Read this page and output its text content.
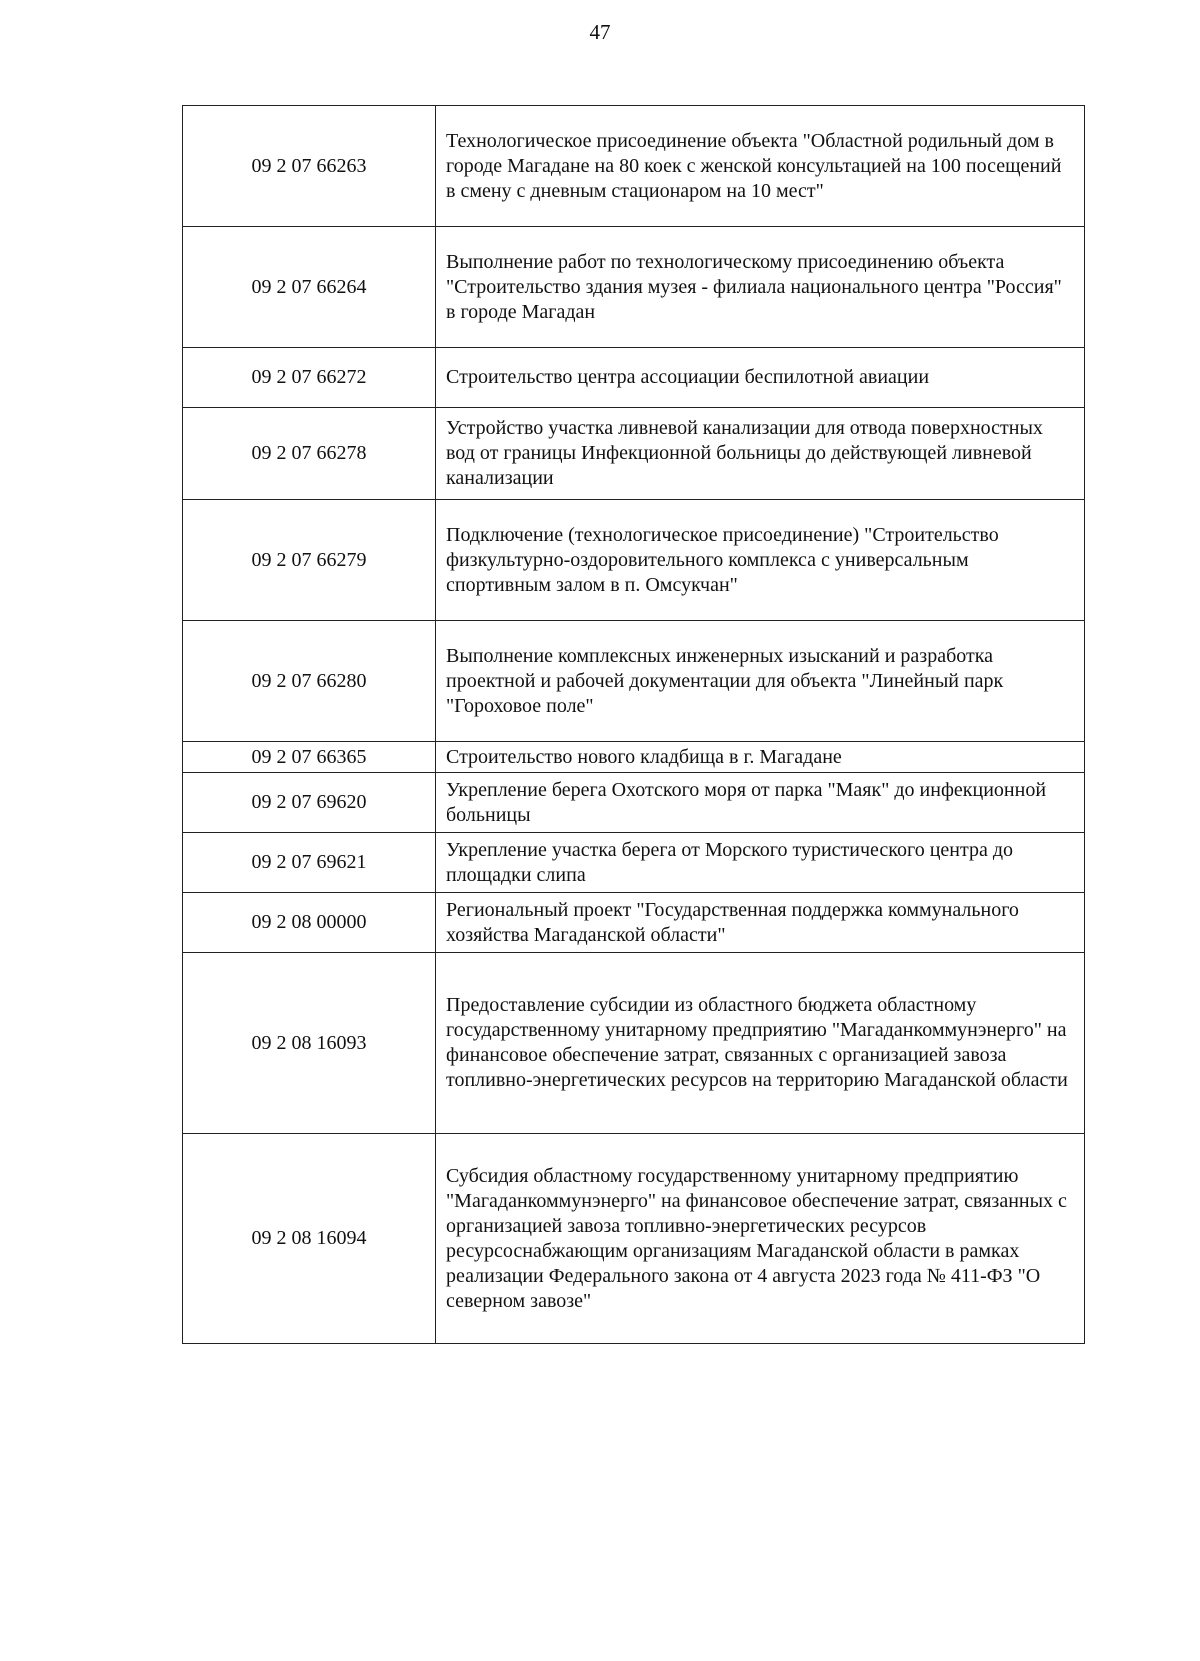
47
09 2 07 66263	Технологическое присоединение объекта "Областной родильный дом в городе Магадане на 80 коек с женской консультацией на 100 посещений в смену с дневным стационаром на 10 мест"
09 2 07 66264	Выполнение работ по технологическому присоединению объекта "Строительство здания музея - филиала национального центра "Россия" в городе Магадан
09 2 07 66272	Строительство центра ассоциации беспилотной авиации
09 2 07 66278	Устройство участка ливневой канализации для отвода поверхностных вод от границы Инфекционной больницы до действующей ливневой канализации
09 2 07 66279	Подключение (технологическое присоединение) "Строительство физкультурно-оздоровительного комплекса с универсальным спортивным залом в п. Омсукчан"
09 2 07 66280	Выполнение комплексных инженерных изысканий и разработка проектной и рабочей документации для объекта "Линейный парк "Гороховое поле"
09 2 07 66365	Строительство нового кладбища в г. Магадане
09 2 07 69620	Укрепление берега Охотского моря от парка "Маяк" до инфекционной больницы
09 2 07 69621	Укрепление участка берега от Морского туристического центра до площадки слипа
09 2 08 00000	Региональный проект "Государственная поддержка коммунального хозяйства Магаданской области"
09 2 08 16093	Предоставление субсидии из областного бюджета областному государственному унитарному предприятию "Магаданкоммунэнерго" на финансовое обеспечение затрат, связанных с организацией завоза топливно-энергетических ресурсов на территорию Магаданской области
09 2 08 16094	Субсидия областному государственному унитарному предприятию "Магаданкоммунэнерго" на финансовое обеспечение затрат, связанных с организацией завоза топливно-энергетических ресурсов ресурсоснабжающим организациям Магаданской области в рамках реализации Федерального закона от 4 августа 2023 года № 411-ФЗ "О северном завозе"
